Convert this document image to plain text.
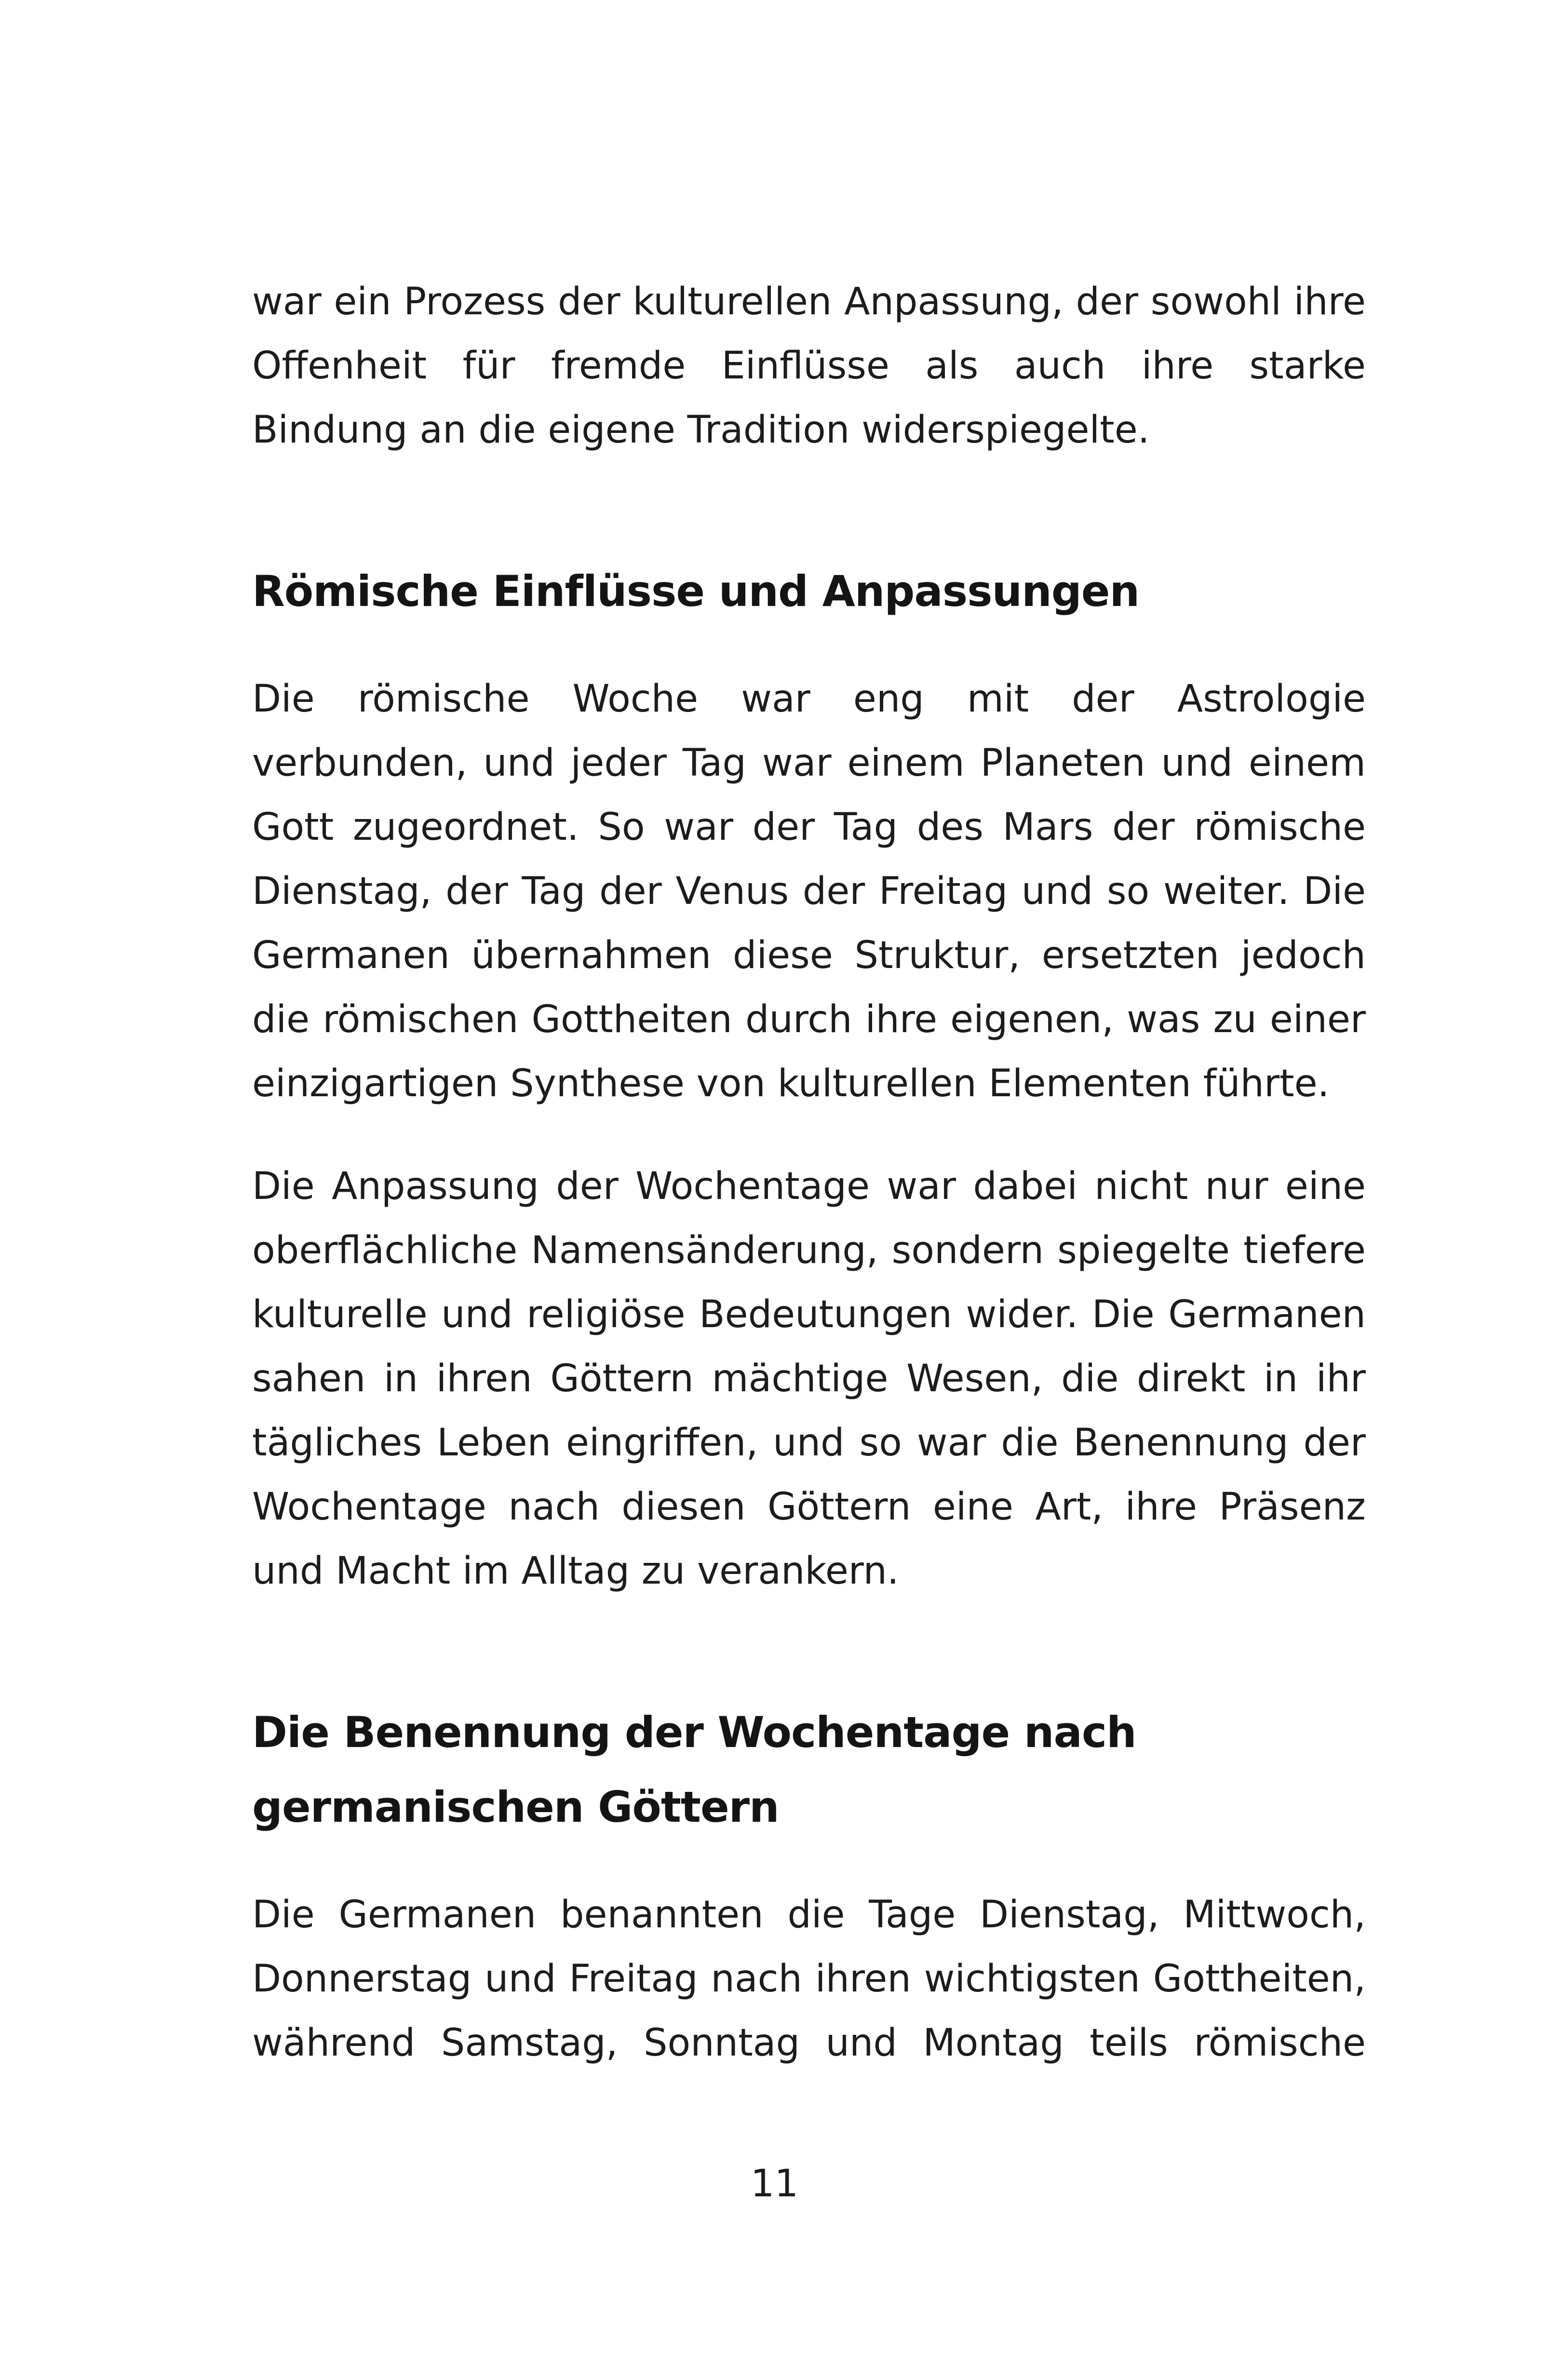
war ein Prozess der kulturellen Anpassung, der sowohl ihre Offenheit für fremde Einflüsse als auch ihre starke Bindung an die eigene Tradition widerspiegelte.

Römische Einflüsse und Anpassungen

Die römische Woche war eng mit der Astrologie verbunden, und jeder Tag war einem Planeten und einem Gott zugeordnet. So war der Tag des Mars der römische Dienstag, der Tag der Venus der Freitag und so weiter. Die Germanen übernahmen diese Struktur, ersetzten jedoch die römischen Gottheiten durch ihre eigenen, was zu einer einzigartigen Synthese von kulturellen Elementen führte.

Die Anpassung der Wochentage war dabei nicht nur eine oberflächliche Namensänderung, sondern spiegelte tiefere kulturelle und religiöse Bedeutungen wider. Die Germanen sahen in ihren Göttern mächtige Wesen, die direkt in ihr tägliches Leben eingriffen, und so war die Benennung der Wochentage nach diesen Göttern eine Art, ihre Präsenz und Macht im Alltag zu verankern.

Die Benennung der Wochentage nach germanischen Göttern

Die Germanen benannten die Tage Dienstag, Mittwoch, Donnerstag und Freitag nach ihren wichtigsten Gottheiten, während Samstag, Sonntag und Montag teils römische

11
